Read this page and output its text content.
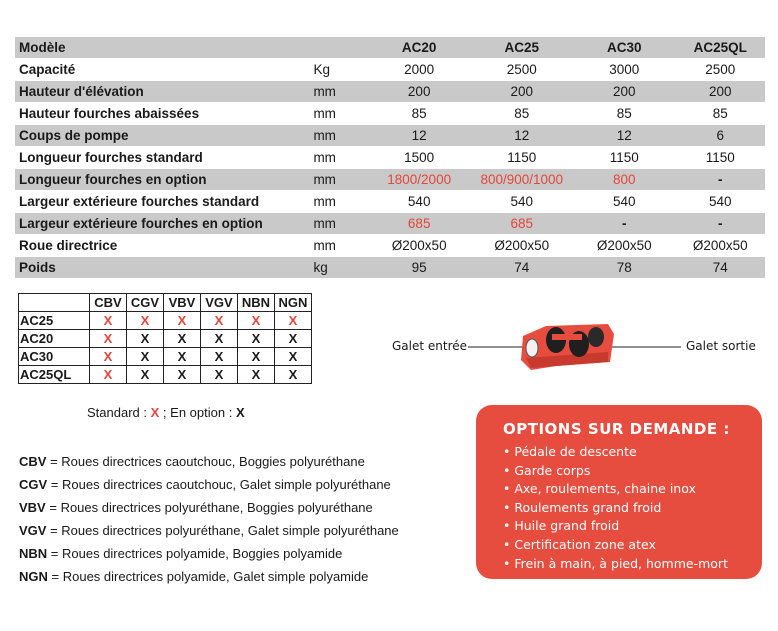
Modèle		AC20	AC25	AC30	AC25QL
Capacité	Kg	2000	2500	3000	2500
Hauteur d'élévation	mm	200	200	200	200
Hauteur fourches abaissées	mm	85	85	85	85
Coups de pompe	mm	12	12	12	6
Longueur fourches standard	mm	1500	1150	1150	1150
Longueur fourches en option	mm	1800/2000	800/900/1000	800	-
Largeur extérieure fourches standard	mm	540	540	540	540
Largeur extérieure fourches en option	mm	685	685	-	-
Roue directrice	mm	Ø200x50	Ø200x50	Ø200x50	Ø200x50
Poids	kg	95	74	78	74
	CBV	CGV	VBV	VGV	NBN	NGN
AC25	X	X	X	X	X	X
AC20	X	X	X	X	X	X
AC30	X	X	X	X	X	X
AC25QL	X	X	X	X	X	X
Standard : X ; En option : X
CBV = Roues directrices caoutchouc, Boggies polyuréthane
CGV = Roues directrices caoutchouc, Galet simple polyuréthane
VBV = Roues directrices polyuréthane, Boggies polyuréthane
VGV = Roues directrices polyuréthane, Galet simple polyuréthane
NBN = Roues directrices polyamide, Boggies polyamide
NGN = Roues directrices polyamide, Galet simple polyamide
Galet entrée	Galet sortie
OPTIONS SUR DEMANDE :
• Pédale de descente
• Garde corps
• Axe, roulements, chaine inox
• Roulements grand froid
• Huile grand froid
• Certification zone atex
• Frein à main, à pied, homme-mort
